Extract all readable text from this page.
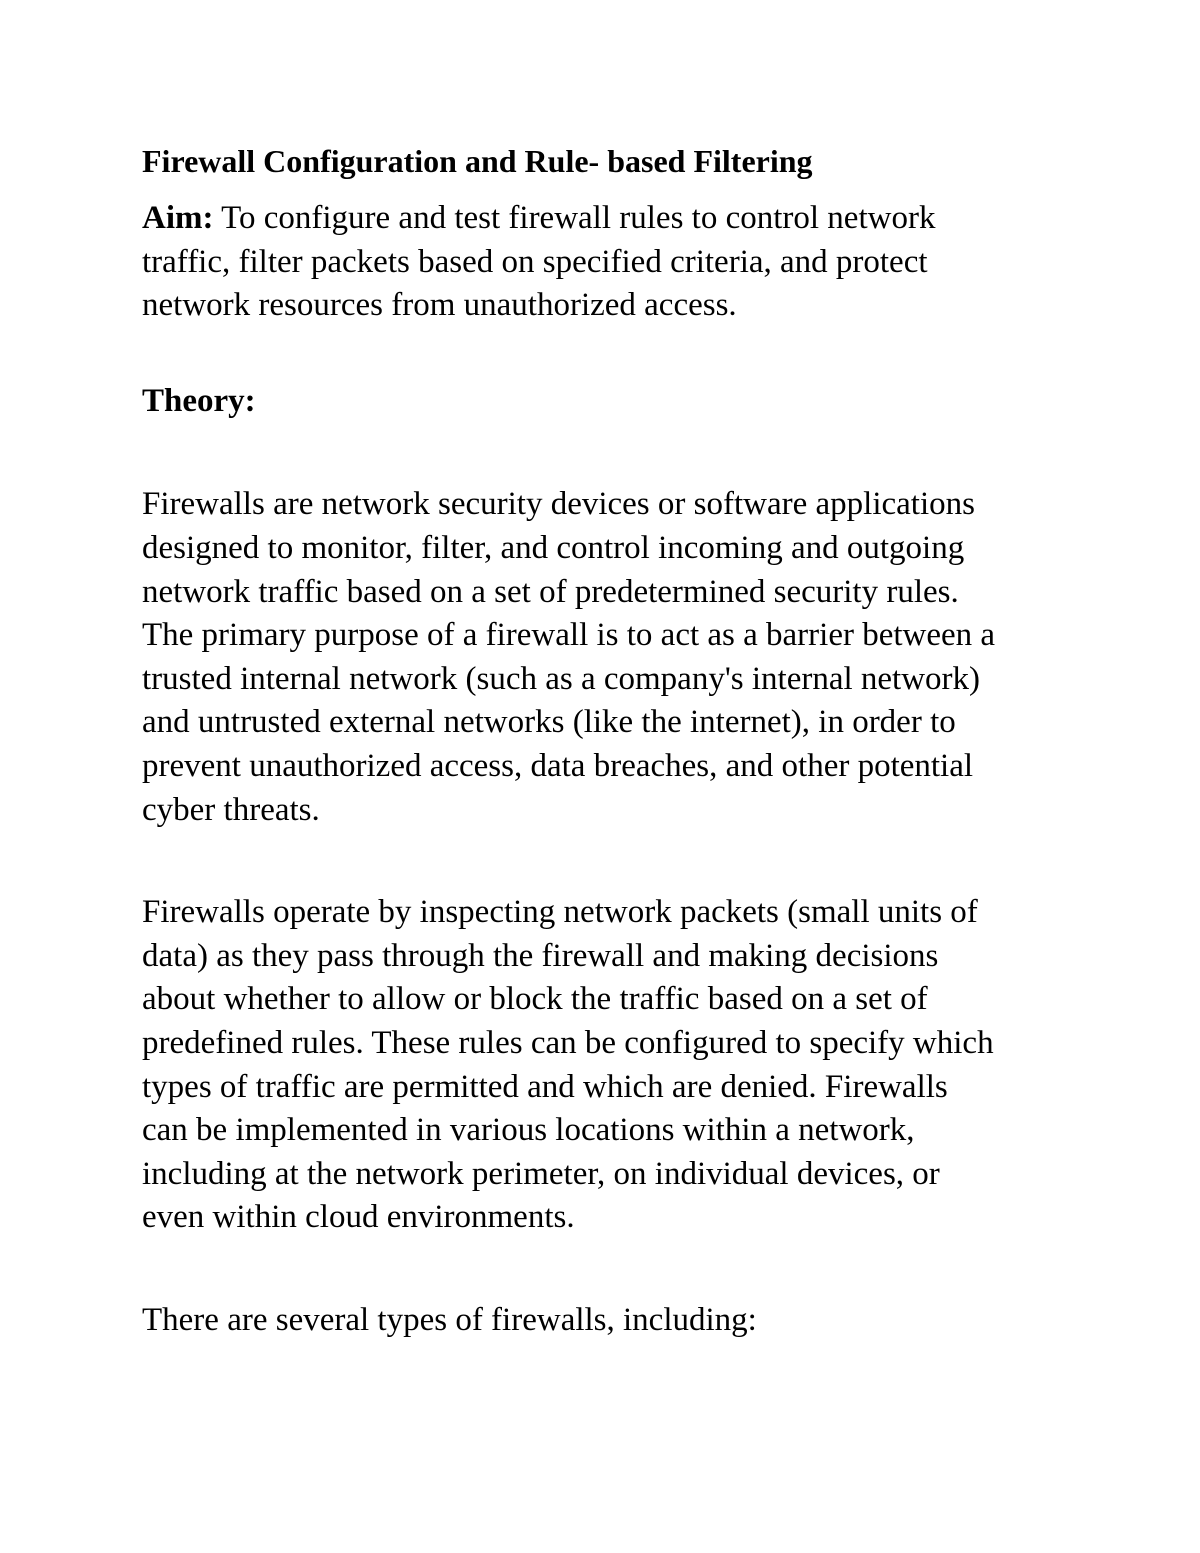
Firewall Configuration and Rule- based Filtering

Aim: To configure and test firewall rules to control network
traffic, filter packets based on specified criteria, and protect
network resources from unauthorized access.

Theory:

Firewalls are network security devices or software applications
designed to monitor, filter, and control incoming and outgoing
network traffic based on a set of predetermined security rules.
The primary purpose of a firewall is to act as a barrier between a
trusted internal network (such as a company's internal network)
and untrusted external networks (like the internet), in order to
prevent unauthorized access, data breaches, and other potential
cyber threats.

Firewalls operate by inspecting network packets (small units of
data) as they pass through the firewall and making decisions
about whether to allow or block the traffic based on a set of
predefined rules. These rules can be configured to specify which
types of traffic are permitted and which are denied. Firewalls
can be implemented in various locations within a network,
including at the network perimeter, on individual devices, or
even within cloud environments.

There are several types of firewalls, including:
